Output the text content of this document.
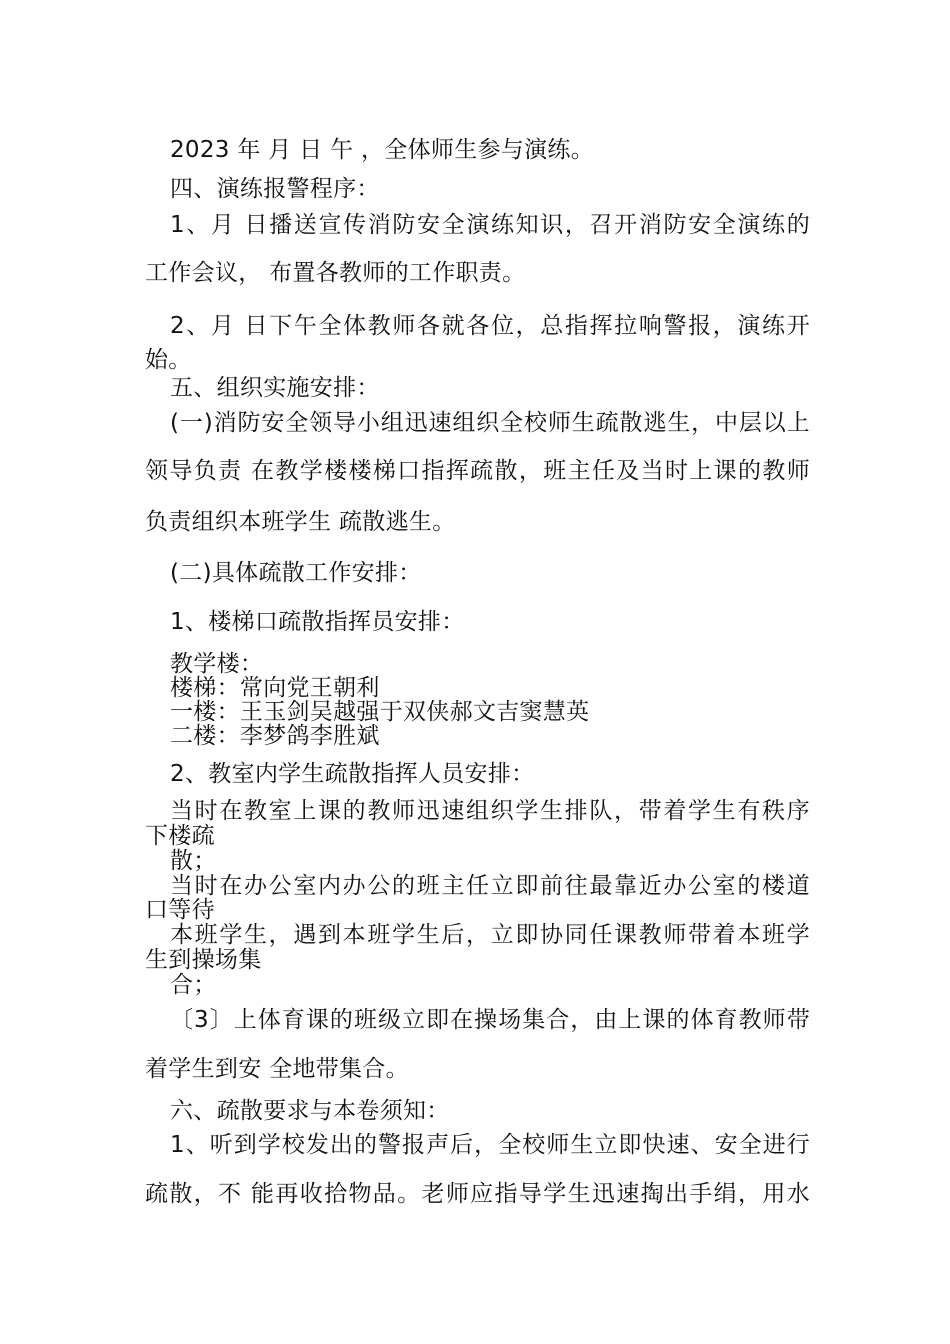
2023 年 月 日 午 ，全体师生参与演练。
四、演练报警程序：
1、月 日播送宣传消防安全演练知识，召开消防安全演练的
工作会议， 布置各教师的工作职责。
2、月 日下午全体教师各就各位，总指挥拉响警报，演练开
始。
五、组织实施安排：
(一)消防安全领导小组迅速组织全校师生疏散逃生，中层以上
领导负责 在教学楼楼梯口指挥疏散，班主任及当时上课的教师
负责组织本班学生 疏散逃生。
(二)具体疏散工作安排：
1、楼梯口疏散指挥员安排：
教学楼：
楼梯：常向党王朝利
一楼：王玉剑吴越强于双侠郝文吉窦慧英
二楼：李梦鸽李胜斌
2、教室内学生疏散指挥人员安排：
当时在教室上课的教师迅速组织学生排队，带着学生有秩序
下楼疏
散；
当时在办公室内办公的班主任立即前往最靠近办公室的楼道
口等待
本班学生，遇到本班学生后，立即协同任课教师带着本班学
生到操场集
合；
〔3〕上体育课的班级立即在操场集合，由上课的体育教师带
着学生到安 全地带集合。
六、疏散要求与本卷须知：
1、听到学校发出的警报声后，全校师生立即快速、安全进行
疏散，不 能再收拾物品。老师应指导学生迅速掏出手绢，用水
